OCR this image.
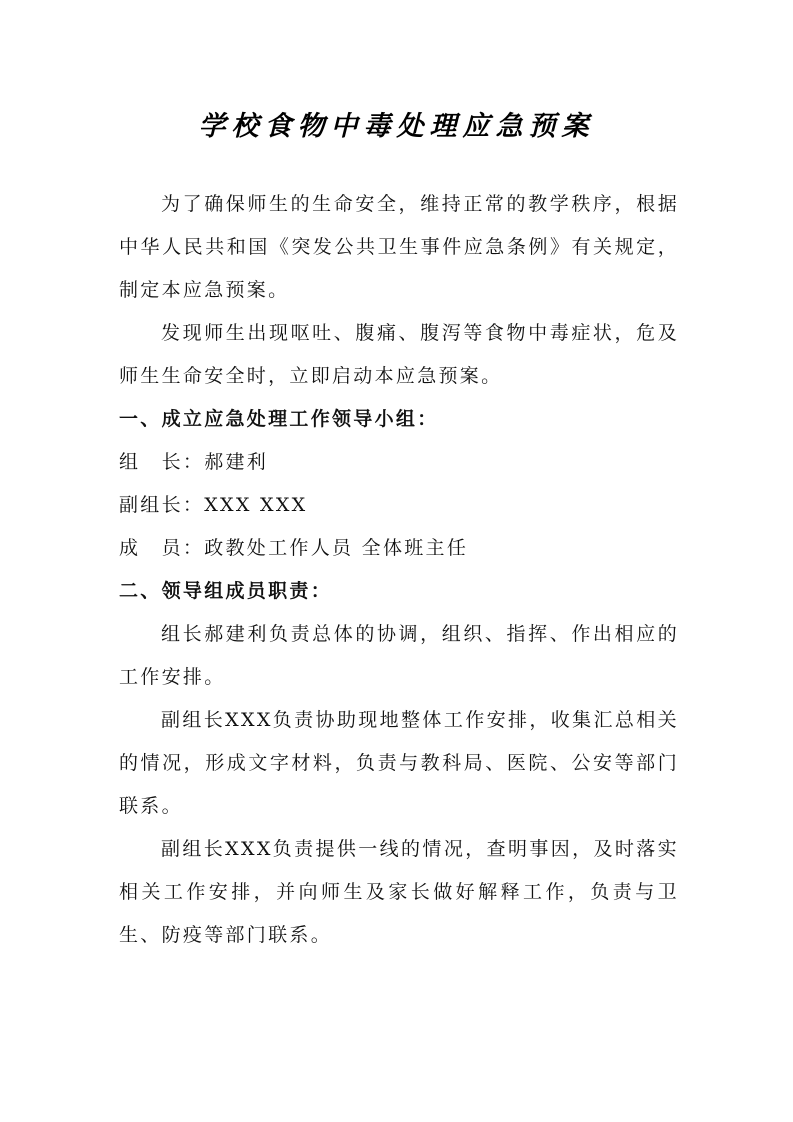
学校食物中毒处理应急预案

为了确保师生的生命安全，维持正常的教学秩序，根据中华人民共和国《突发公共卫生事件应急条例》有关规定，制定本应急预案。

发现师生出现呕吐、腹痛、腹泻等食物中毒症状，危及师生生命安全时，立即启动本应急预案。

一、成立应急处理工作领导小组：

组　长：郝建利

副组长：XXX XXX

成　员：政教处工作人员 全体班主任

二、领导组成员职责：

组长郝建利负责总体的协调，组织、指挥、作出相应的工作安排。

副组长XXX负责协助现地整体工作安排，收集汇总相关的情况，形成文字材料，负责与教科局、医院、公安等部门联系。

副组长XXX负责提供一线的情况，查明事因，及时落实相关工作安排，并向师生及家长做好解释工作，负责与卫生、防疫等部门联系。
